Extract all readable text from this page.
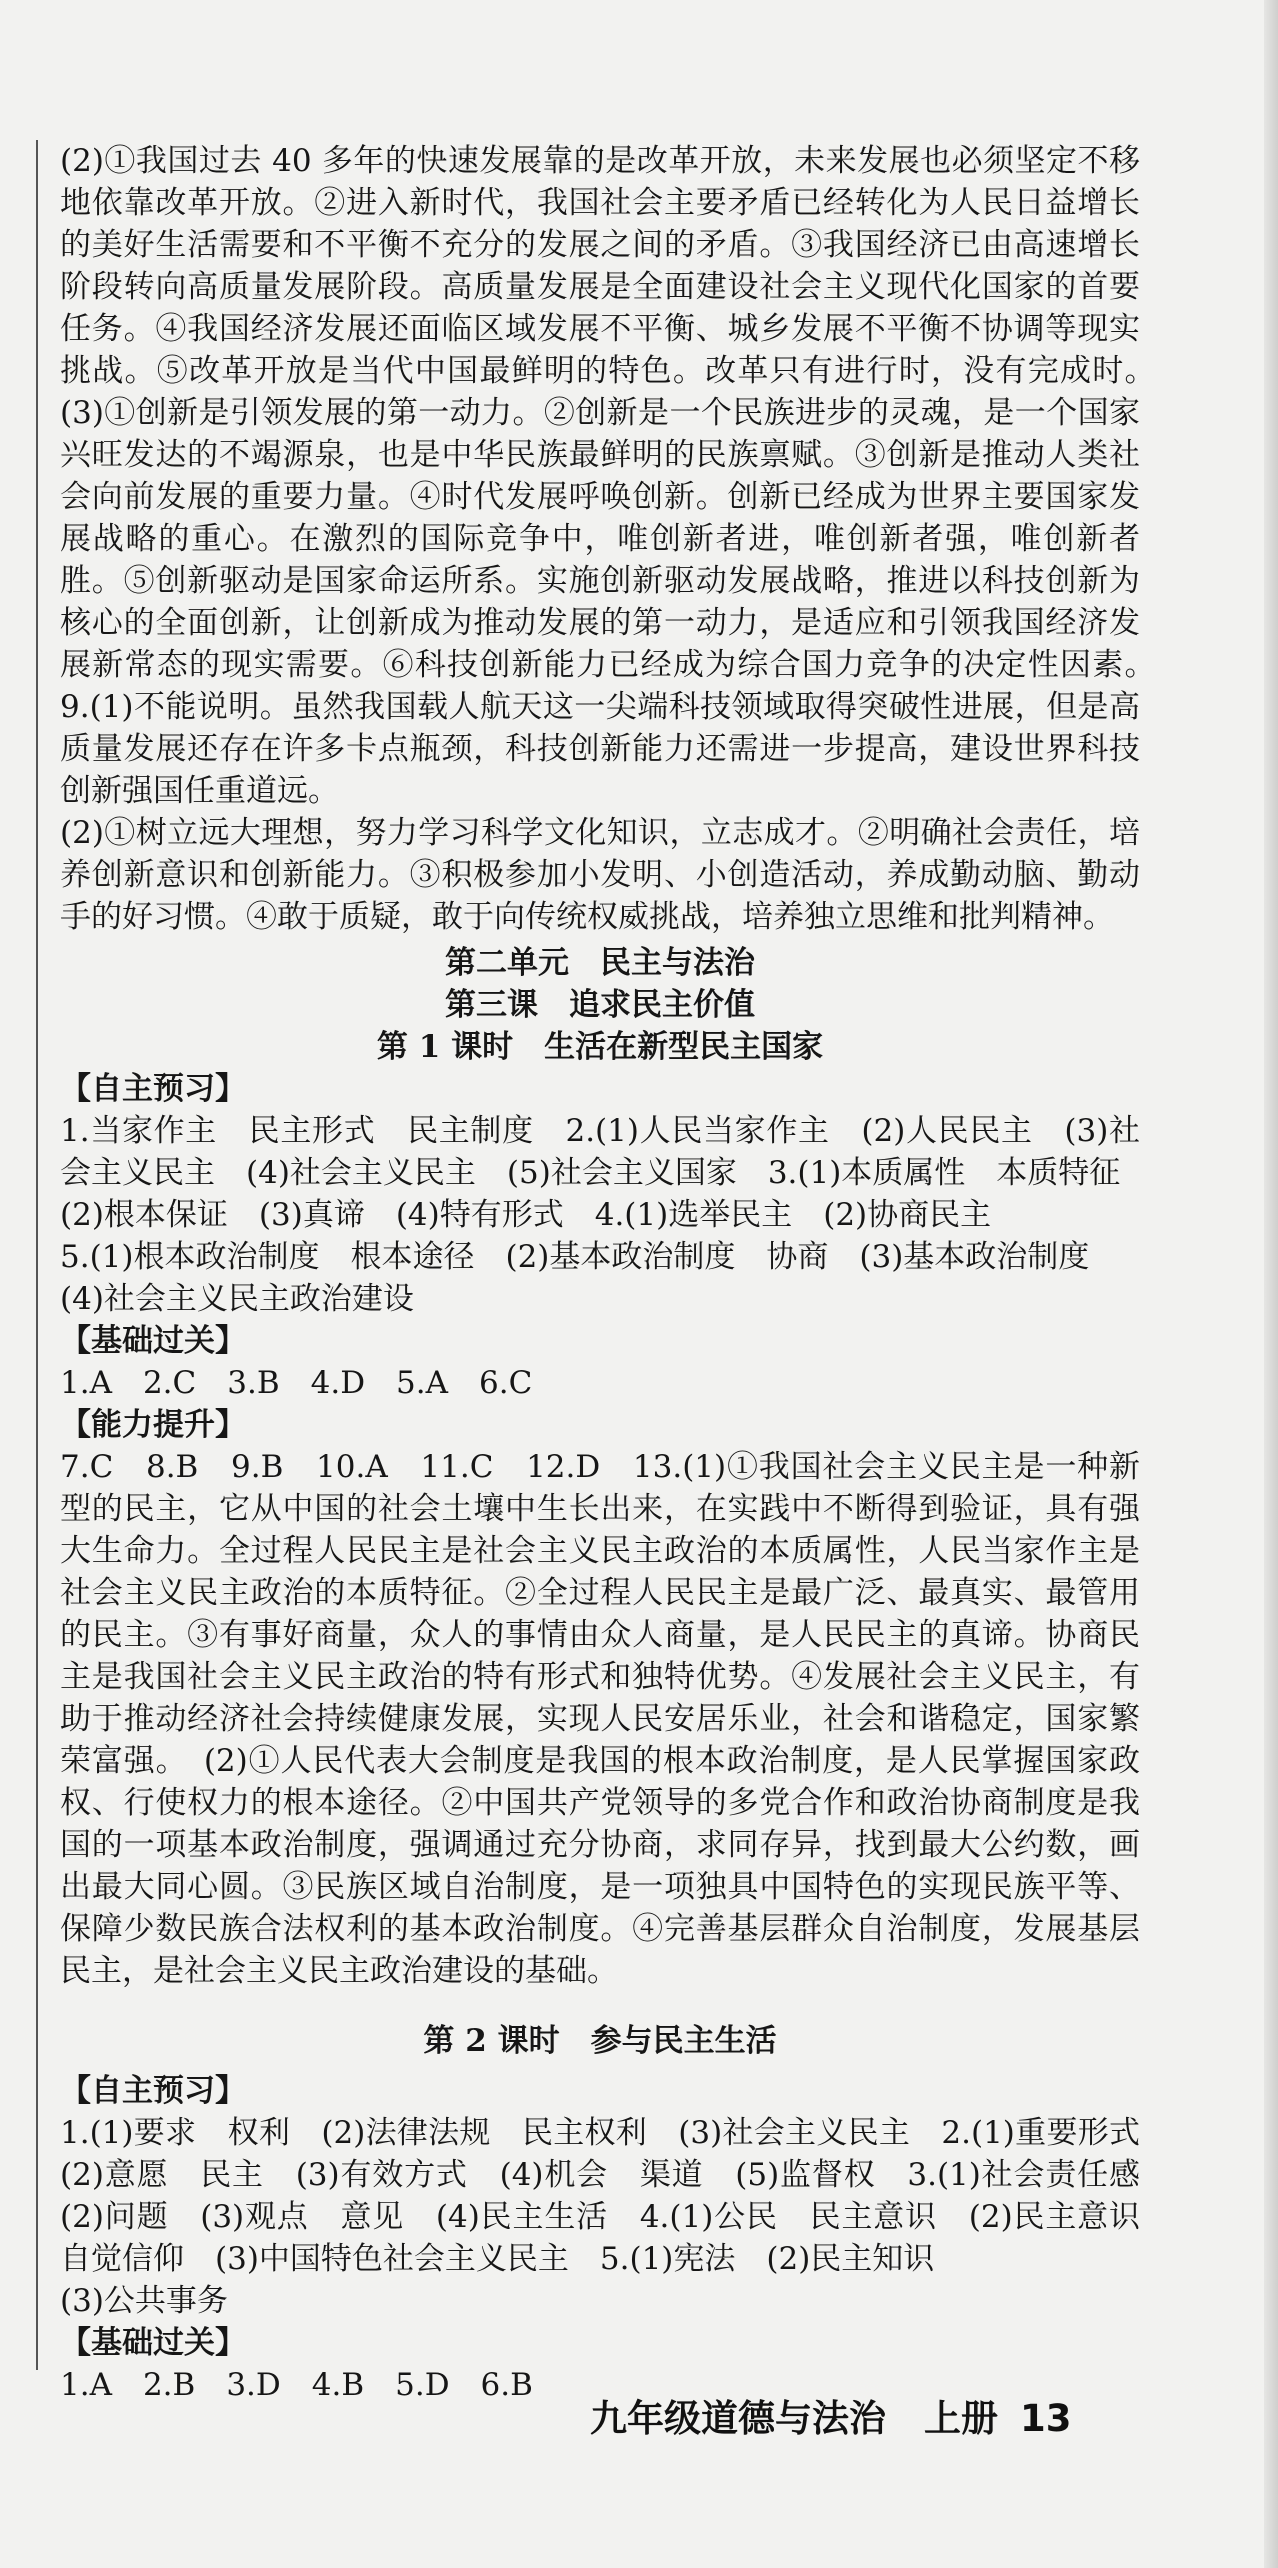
(2)①我国过去 40 多年的快速发展靠的是改革开放，未来发展也必须坚定不移地依靠改革开放。②进入新时代，我国社会主要矛盾已经转化为人民日益增长的美好生活需要和不平衡不充分的发展之间的矛盾。③我国经济已由高速增长阶段转向高质量发展阶段。高质量发展是全面建设社会主义现代化国家的首要任务。④我国经济发展还面临区域发展不平衡、城乡发展不平衡不协调等现实挑战。⑤改革开放是当代中国最鲜明的特色。改革只有进行时，没有完成时。　(3)①创新是引领发展的第一动力。②创新是一个民族进步的灵魂，是一个国家兴旺发达的不竭源泉，也是中华民族最鲜明的民族禀赋。③创新是推动人类社会向前发展的重要力量。④时代发展呼唤创新。创新已经成为世界主要国家发展战略的重心。在激烈的国际竞争中，唯创新者进，唯创新者强，唯创新者胜。⑤创新驱动是国家命运所系。实施创新驱动发展战略，推进以科技创新为核心的全面创新，让创新成为推动发展的第一动力，是适应和引领我国经济发展新常态的现实需要。⑥科技创新能力已经成为综合国力竞争的决定性因素。　9.(1)不能说明。虽然我国载人航天这一尖端科技领域取得突破性进展，但是高质量发展还存在许多卡点瓶颈，科技创新能力还需进一步提高，建设世界科技创新强国任重道远。

(2)①树立远大理想，努力学习科学文化知识，立志成才。②明确社会责任，培养创新意识和创新能力。③积极参加小发明、小创造活动，养成勤动脑、勤动手的好习惯。④敢于质疑，敢于向传统权威挑战，培养独立思维和批判精神。

第二单元　民主与法治
第三课　追求民主价值
第 1 课时　生活在新型民主国家
【自主预习】

1.当家作主　民主形式　民主制度　2.(1)人民当家作主　(2)人民民主　(3)社会主义民主　(4)社会主义民主　(5)社会主义国家　3.(1)本质属性　本质特征

(2)根本保证　(3)真谛　(4)特有形式　4.(1)选举民主　(2)协商民主

5.(1)根本政治制度　根本途径　(2)基本政治制度　协商　(3)基本政治制度

(4)社会主义民主政治建设

【基础过关】

1.A　2.C　3.B　4.D　5.A　6.C

【能力提升】

7.C　8.B　9.B　10.A　11.C　12.D　13.(1)①我国社会主义民主是一种新型的民主，它从中国的社会土壤中生长出来，在实践中不断得到验证，具有强大生命力。全过程人民民主是社会主义民主政治的本质属性，人民当家作主是社会主义民主政治的本质特征。②全过程人民民主是最广泛、最真实、最管用的民主。③有事好商量，众人的事情由众人商量，是人民民主的真谛。协商民主是我国社会主义民主政治的特有形式和独特优势。④发展社会主义民主，有助于推动经济社会持续健康发展，实现人民安居乐业，社会和谐稳定，国家繁荣富强。　(2)①人民代表大会制度是我国的根本政治制度，是人民掌握国家政权、行使权力的根本途径。②中国共产党领导的多党合作和政治协商制度是我国的一项基本政治制度，强调通过充分协商，求同存异，找到最大公约数，画出最大同心圆。③民族区域自治制度，是一项独具中国特色的实现民族平等、保障少数民族合法权利的基本政治制度。④完善基层群众自治制度，发展基层民主，是社会主义民主政治建设的基础。

第 2 课时　参与民主生活
【自主预习】

1.(1)要求　权利　(2)法律法规　民主权利　(3)社会主义民主　2.(1)重要形式　(2)意愿　民主　(3)有效方式　(4)机会　渠道　(5)监督权　3.(1)社会责任感　(2)问题　(3)观点　意见　(4)民主生活　4.(1)公民　民主意识　(2)民主意识　自觉信仰　(3)中国特色社会主义民主　5.(1)宪法　(2)民主知识

(3)公共事务

【基础过关】

1.A　2.B　3.D　4.B　5.D　6.B

九年级道德与法治 上册 13
